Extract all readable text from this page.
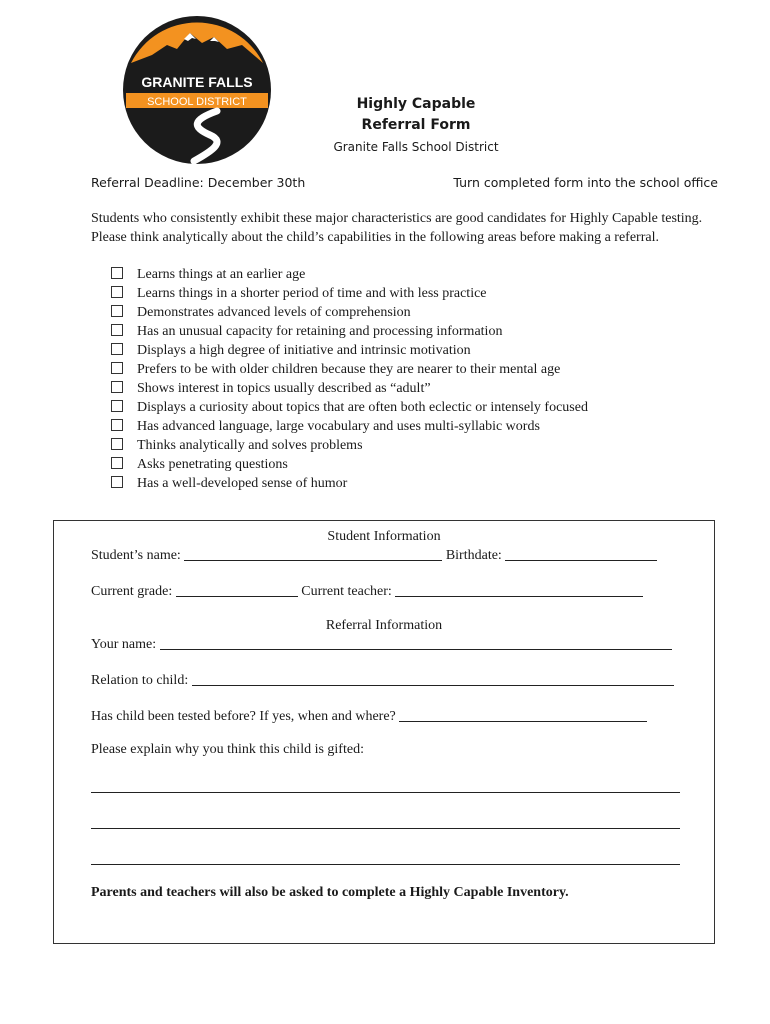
GRANITE FALLS
SCHOOL DISTRICT	Highly Capable
Referral Form
Granite Falls School District
Referral Deadline: December 30th	Turn completed form into the school office
Students who consistently exhibit these major characteristics are good candidates for Highly Capable testing. Please think analytically about the child’s capabilities in the following areas before making a referral.
Learns things at an earlier age
Learns things in a shorter period of time and with less practice
Demonstrates advanced levels of comprehension
Has an unusual capacity for retaining and processing information
Displays a high degree of initiative and intrinsic motivation
Prefers to be with older children because they are nearer to their mental age
Shows interest in topics usually described as “adult”
Displays a curiosity about topics that are often both eclectic or intensely focused
Has advanced language, large vocabulary and uses multi-syllabic words
Thinks analytically and solves problems
Asks penetrating questions
Has a well-developed sense of humor
Student Information
Student’s name:	Birthdate:
Current grade:	Current teacher:
Referral Information
Your name:
Relation to child:
Has child been tested before? If yes, when and where?
Please explain why you think this child is gifted:
Parents and teachers will also be asked to complete a Highly Capable Inventory.
